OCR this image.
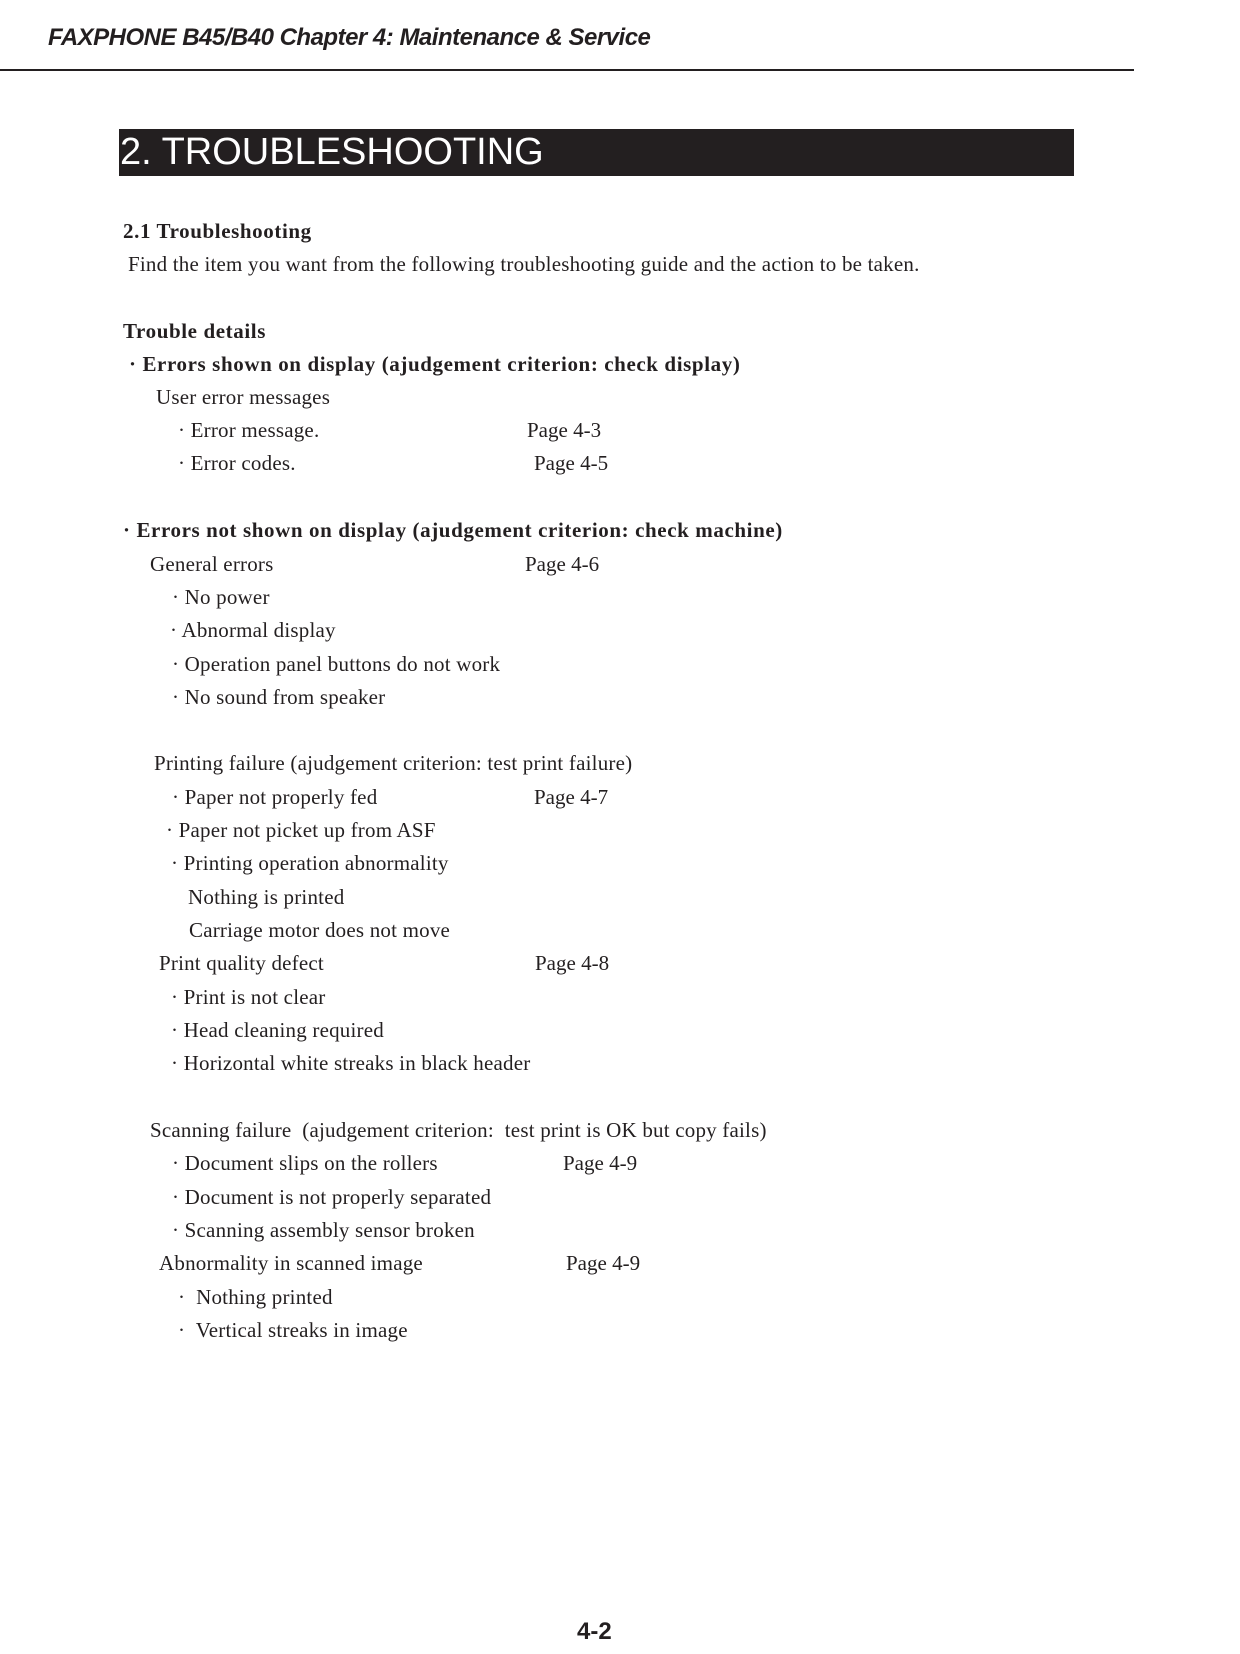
FAXPHONE B45/B40 Chapter 4: Maintenance & Service
2. TROUBLESHOOTING
2.1 Troubleshooting
Find the item you want from the following troubleshooting guide and the action to be taken.
Trouble details
· Errors shown on display (ajudgement criterion: check display)
User error messages
· Error message.	Page 4-3
· Error codes.	Page 4-5
· Errors not shown on display (ajudgement criterion: check machine)
General errors	Page 4-6
· No power
· Abnormal display
· Operation panel buttons do not work
· No sound from speaker
Printing failure (ajudgement criterion: test print failure)
· Paper not properly fed	Page 4-7
· Paper not picket up from ASF
· Printing operation abnormality
Nothing is printed
Carriage motor does not move
Print quality defect	Page 4-8
· Print is not clear
· Head cleaning required
· Horizontal white streaks in black header
Scanning failure  (ajudgement criterion:  test print is OK but copy fails)
· Document slips on the rollers	Page 4-9
· Document is not properly separated
· Scanning assembly sensor broken
Abnormality in scanned image	Page 4-9
·  Nothing printed
·  Vertical streaks in image
4-2
